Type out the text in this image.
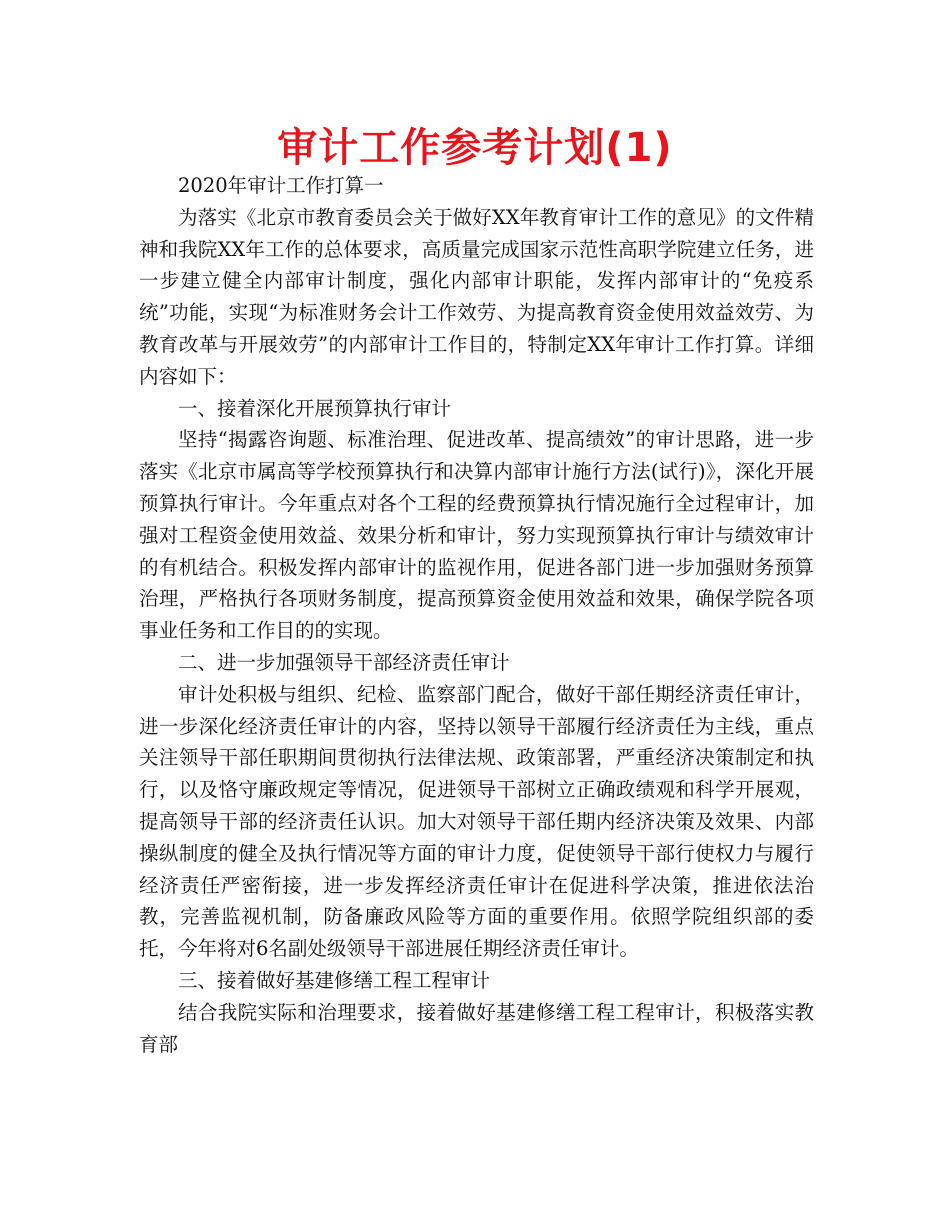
审计工作参考计划(1)

2020年审计工作打算一

为落实《北京市教育委员会关于做好XX年教育审计工作的意见》的文件精神和我院XX年工作的总体要求，高质量完成国家示范性高职学院建立任务，进一步建立健全内部审计制度，强化内部审计职能，发挥内部审计的“免疫系统”功能，实现“为标准财务会计工作效劳、为提高教育资金使用效益效劳、为教育改革与开展效劳”的内部审计工作目的，特制定XX年审计工作打算。详细内容如下：

一、接着深化开展预算执行审计

坚持“揭露咨询题、标准治理、促进改革、提高绩效”的审计思路，进一步落实《北京市属高等学校预算执行和决算内部审计施行方法(试行)》，深化开展预算执行审计。今年重点对各个工程的经费预算执行情况施行全过程审计，加强对工程资金使用效益、效果分析和审计，努力实现预算执行审计与绩效审计的有机结合。积极发挥内部审计的监视作用，促进各部门进一步加强财务预算治理，严格执行各项财务制度，提高预算资金使用效益和效果，确保学院各项事业任务和工作目的的实现。

二、进一步加强领导干部经济责任审计

审计处积极与组织、纪检、监察部门配合，做好干部任期经济责任审计，进一步深化经济责任审计的内容，坚持以领导干部履行经济责任为主线，重点关注领导干部任职期间贯彻执行法律法规、政策部署，严重经济决策制定和执行，以及恪守廉政规定等情况，促进领导干部树立正确政绩观和科学开展观，提高领导干部的经济责任认识。加大对领导干部任期内经济决策及效果、内部操纵制度的健全及执行情况等方面的审计力度，促使领导干部行使权力与履行经济责任严密衔接，进一步发挥经济责任审计在促进科学决策，推进依法治教，完善监视机制，防备廉政风险等方面的重要作用。依照学院组织部的委托，今年将对6名副处级领导干部进展任期经济责任审计。

三、接着做好基建修缮工程工程审计

结合我院实际和治理要求，接着做好基建修缮工程工程审计，积极落实教育部
